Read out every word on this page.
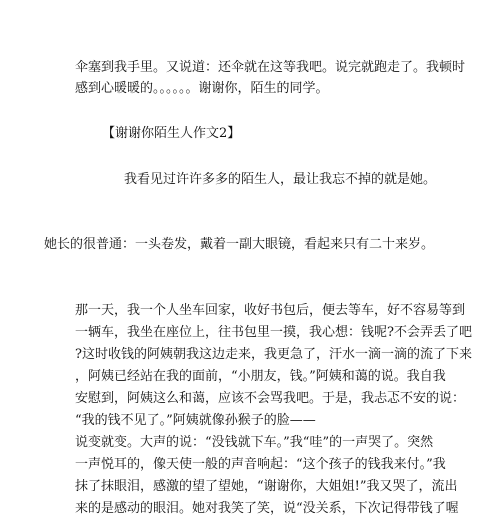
伞塞到我手里。又说道：还伞就在这等我吧。说完就跑走了。我顿时
感到心暖暖的。。。。。。谢谢你，陌生的同学。
【谢谢你陌生人作文2】
我看见过许许多多的陌生人，最让我忘不掉的就是她。
她长的很普通：一头卷发，戴着一副大眼镜，看起来只有二十来岁。
那一天，我一个人坐车回家，收好书包后，便去等车，好不容易等到
一辆车，我坐在座位上，往书包里一摸，我心想：钱呢?不会弄丢了吧
?这时收钱的阿姨朝我这边走来，我更急了，汗水一滴一滴的流了下来
，阿姨已经站在我的面前，“小朋友，钱。”阿姨和蔼的说。我自我
安慰到，阿姨这么和蔼，应该不会骂我吧。于是，我忐忑不安的说：
“我的钱不见了。”阿姨就像孙猴子的脸——
说变就变。大声的说：“没钱就下车。”我“哇”的一声哭了。突然
一声悦耳的，像天使一般的声音响起：“这个孩子的钱我来付。”我
抹了抹眼泪，感激的望了望她，“谢谢你，大姐姐!”我又哭了，流出
来的是感动的眼泪。她对我笑了笑，说“没关系，下次记得带钱了喔
